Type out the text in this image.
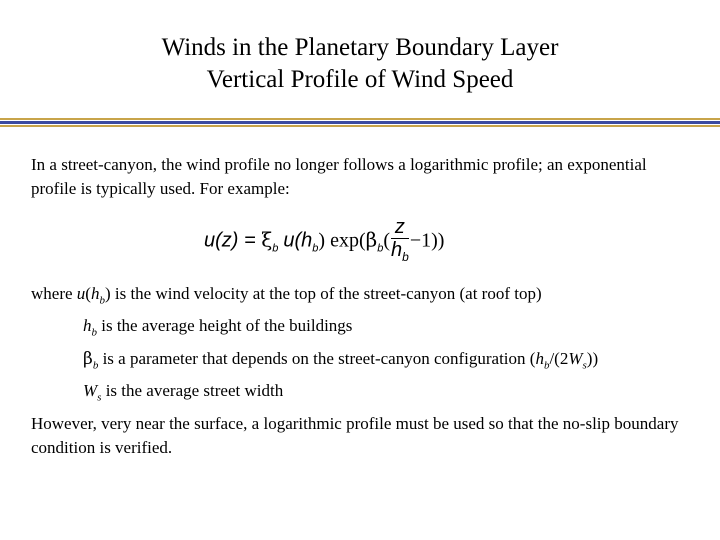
Winds in the Planetary Boundary Layer
Vertical Profile of Wind Speed
In a street-canyon, the wind profile no longer follows a logarithmic profile; an exponential profile is typically used. For example:
$u(z) = \xi_b$ $u(h_b)$ $\exp(\beta_b( \frac{z}{h_b} -1))$
where $u(h_b)$ is the wind velocity at the top of the street-canyon (at roof top)
$h_b$ is the average height of the buildings
$\beta_b$ is a parameter that depends on the street-canyon configuration $(h_b/(2W_s))$
$W_s$ is the average street width
However, very near the surface, a logarithmic profile must be used so that the no-slip boundary condition is verified.
